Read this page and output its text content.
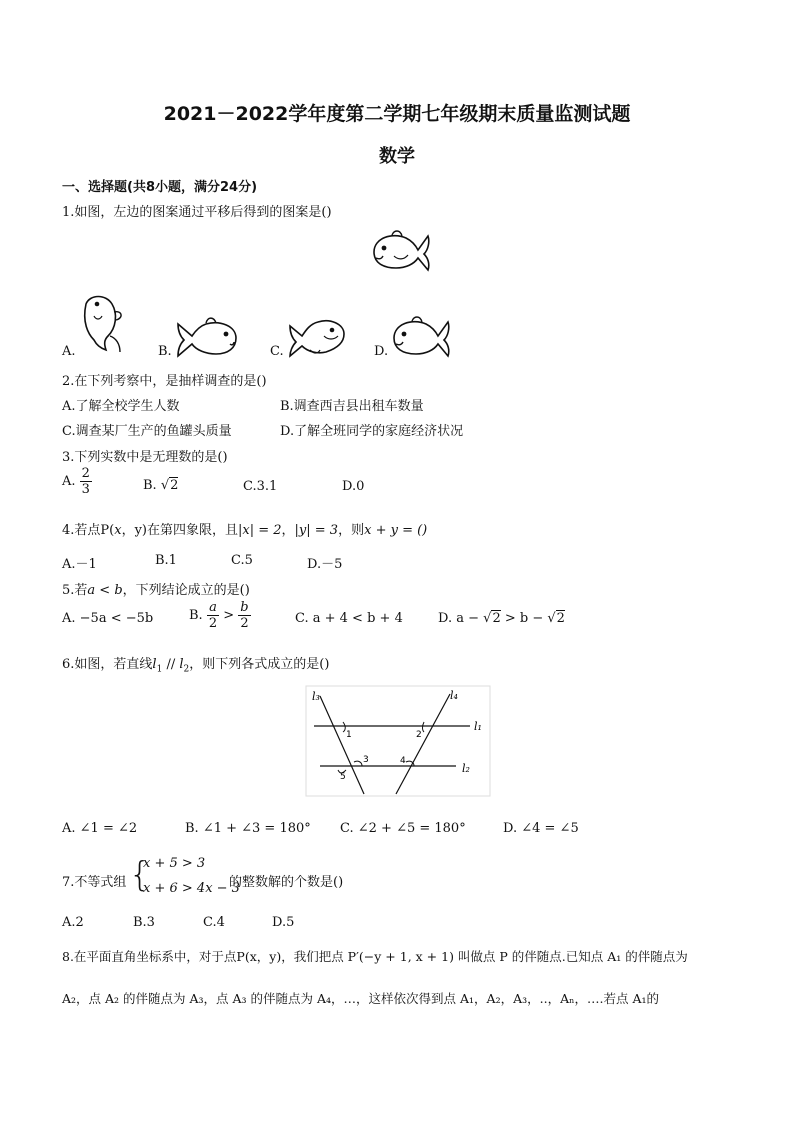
2021－2022学年度第二学期七年级期末质量监测试题
数学
一、选择题(共8小题，满分24分)
1.如图，左边的图案通过平移后得到的图案是()
A.	B.	C.	D.
2.在下列考察中，是抽样调查的是()
A.了解全校学生人数	B.调查西吉县出租车数量
C.调查某厂生产的鱼罐头质量	D.了解全班同学的家庭经济状况
3.下列实数中是无理数的是()
A. $\frac{2}{3}$	B. √2	C.3.1	D.0
4.若点P(x，y)在第四象限，且|x| = 2，|y| = 3，则x + y = ()
A.－1	B.1	C.5	D.－5
5.若a < b，下列结论成立的是()
A. −5a < −5b	B. $\frac{a}{2} > \frac{b}{2}$	C. a + 4 < b + 4	D. a − √2 > b − √2
6.如图，若直线$l_1 // l_2$，则下列各式成立的是()
l₃	l₄
l₁
l₂
1	2
3	4
5
A. ∠1 = ∠2	B. ∠1 + ∠3 = 180° C. ∠2 + ∠5 = 180°	D. ∠4 = ∠5
7.不等式组 {
x + 5 > 3
x + 6 > 4x − 3
的整数解的个数是()
A.2	B.3	C.4	D.5
8.在平面直角坐标系中，对于点P(x，y)，我们把点 P′(−y + 1, x + 1) 叫做点 P 的伴随点.已知点 A₁ 的伴随点为
A₂，点 A₂ 的伴随点为 A₃，点 A₃ 的伴随点为 A₄，…，这样依次得到点 A₁，A₂，A₃，..，Aₙ，….若点 A₁的
